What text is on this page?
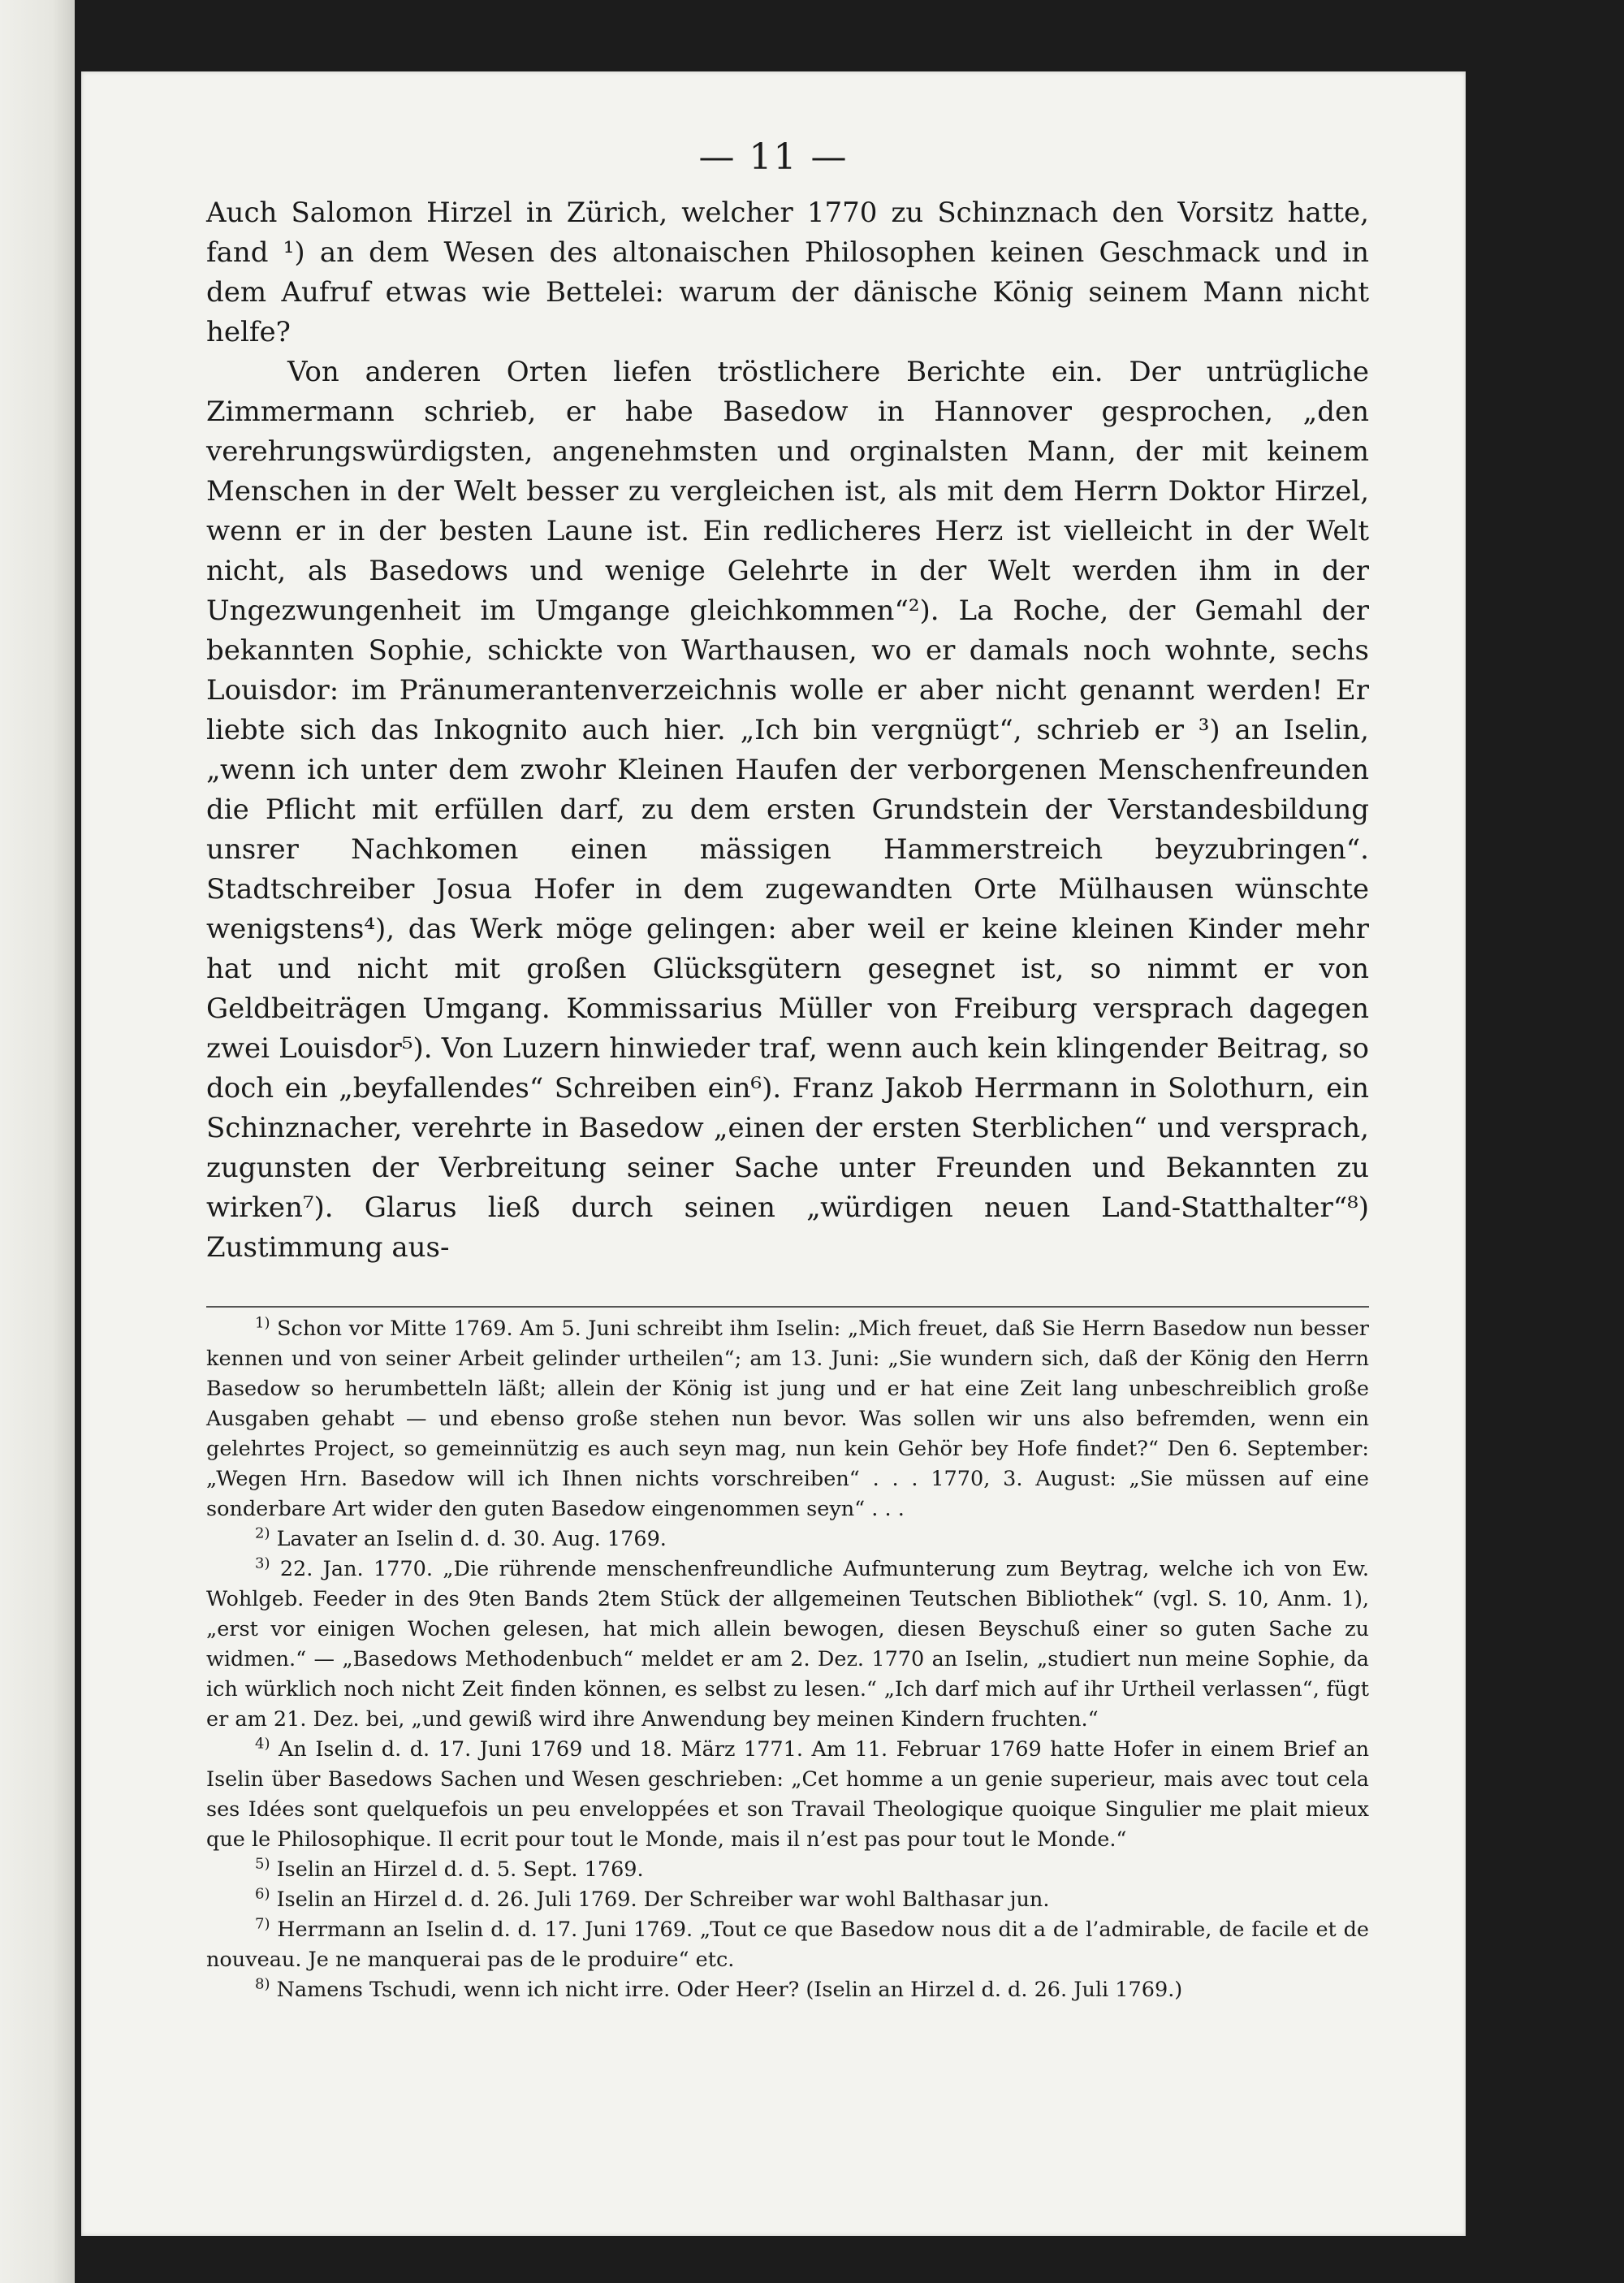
— 11 —

Auch Salomon Hirzel in Zürich, welcher 1770 zu Schinznach den Vorsitz hatte, fand ¹) an dem Wesen des altonaischen Philosophen keinen Geschmack und in dem Aufruf etwas wie Bettelei: warum der dänische König seinem Mann nicht helfe?

Von anderen Orten liefen tröstlichere Berichte ein. Der untrügliche Zimmermann schrieb, er habe Basedow in Hannover gesprochen, „den verehrungswürdigsten, angenehmsten und orginalsten Mann, der mit keinem Menschen in der Welt besser zu vergleichen ist, als mit dem Herrn Doktor Hirzel, wenn er in der besten Laune ist. Ein redlicheres Herz ist vielleicht in der Welt nicht, als Basedows und wenige Gelehrte in der Welt werden ihm in der Ungezwungenheit im Umgange gleichkommen“²). La Roche, der Gemahl der bekannten Sophie, schickte von Warthausen, wo er damals noch wohnte, sechs Louisdor: im Pränumerantenverzeichnis wolle er aber nicht genannt werden! Er liebte sich das Inkognito auch hier. „Ich bin vergnügt“, schrieb er ³) an Iselin, „wenn ich unter dem zwohr Kleinen Haufen der verborgenen Menschenfreunden die Pflicht mit erfüllen darf, zu dem ersten Grundstein der Verstandesbildung unsrer Nachkomen einen mässigen Hammerstreich beyzubringen“. Stadtschreiber Josua Hofer in dem zugewandten Orte Mülhausen wünschte wenigstens⁴), das Werk möge gelingen: aber weil er keine kleinen Kinder mehr hat und nicht mit großen Glücksgütern gesegnet ist, so nimmt er von Geldbeiträgen Umgang. Kommissarius Müller von Freiburg versprach dagegen zwei Louisdor⁵). Von Luzern hinwieder traf, wenn auch kein klingender Beitrag, so doch ein „beyfallendes“ Schreiben ein⁶). Franz Jakob Herrmann in Solothurn, ein Schinznacher, verehrte in Basedow „einen der ersten Sterblichen“ und versprach, zugunsten der Verbreitung seiner Sache unter Freunden und Bekannten zu wirken⁷). Glarus ließ durch seinen „würdigen neuen Land-Statthalter“⁸) Zustimmung aus-

$^{1)}$ Schon vor Mitte 1769. Am 5. Juni schreibt ihm Iselin: „Mich freuet, daß Sie Herrn Basedow nun besser kennen und von seiner Arbeit gelinder urtheilen“; am 13. Juni: „Sie wundern sich, daß der König den Herrn Basedow so herumbetteln läßt; allein der König ist jung und er hat eine Zeit lang unbeschreiblich große Ausgaben gehabt — und ebenso große stehen nun bevor. Was sollen wir uns also befremden, wenn ein gelehrtes Project, so gemeinnützig es auch seyn mag, nun kein Gehör bey Hofe findet?“ Den 6. September: „Wegen Hrn. Basedow will ich Ihnen nichts vorschreiben“ . . . 1770, 3. August: „Sie müssen auf eine sonderbare Art wider den guten Basedow eingenommen seyn“ . . .

$^{2)}$ Lavater an Iselin d. d. 30. Aug. 1769.

$^{3)}$ 22. Jan. 1770. „Die rührende menschenfreundliche Aufmunterung zum Beytrag, welche ich von Ew. Wohlgeb. Feeder in des 9ten Bands 2tem Stück der allgemeinen Teutschen Bibliothek“ (vgl. S. 10, Anm. 1), „erst vor einigen Wochen gelesen, hat mich allein bewogen, diesen Beyschuß einer so guten Sache zu widmen.“ — „Basedows Methodenbuch“ meldet er am 2. Dez. 1770 an Iselin, „studiert nun meine Sophie, da ich würklich noch nicht Zeit finden können, es selbst zu lesen.“ „Ich darf mich auf ihr Urtheil verlassen“, fügt er am 21. Dez. bei, „und gewiß wird ihre Anwendung bey meinen Kindern fruchten.“

$^{4)}$ An Iselin d. d. 17. Juni 1769 und 18. März 1771. Am 11. Februar 1769 hatte Hofer in einem Brief an Iselin über Basedows Sachen und Wesen geschrieben: „Cet homme a un genie superieur, mais avec tout cela ses Idées sont quelquefois un peu enveloppées et son Travail Theologique quoique Singulier me plait mieux que le Philosophique. Il ecrit pour tout le Monde, mais il n’est pas pour tout le Monde.“

$^{5)}$ Iselin an Hirzel d. d. 5. Sept. 1769.

$^{6)}$ Iselin an Hirzel d. d. 26. Juli 1769. Der Schreiber war wohl Balthasar jun.

$^{7)}$ Herrmann an Iselin d. d. 17. Juni 1769. „Tout ce que Basedow nous dit a de l’admirable, de facile et de nouveau. Je ne manquerai pas de le produire“ etc.

$^{8)}$ Namens Tschudi, wenn ich nicht irre. Oder Heer? (Iselin an Hirzel d. d. 26. Juli 1769.)
